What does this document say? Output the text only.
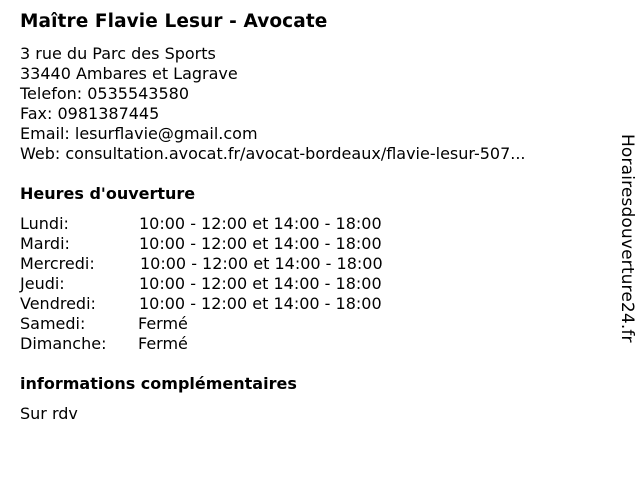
Maître Flavie Lesur - Avocate
3 rue du Parc des Sports
33440 Ambares et Lagrave
Telefon: 0535543580
Fax: 0981387445
Email: lesurflavie@gmail.com
Web: consultation.avocat.fr/avocat-bordeaux/flavie-lesur-507...
Heures d'ouverture
Lundi:	10:00 - 12:00 et 14:00 - 18:00
Mardi:	10:00 - 12:00 et 14:00 - 18:00
Mercredi:	10:00 - 12:00 et 14:00 - 18:00
Jeudi:	10:00 - 12:00 et 14:00 - 18:00
Vendredi:	10:00 - 12:00 et 14:00 - 18:00
Samedi:	Fermé
Dimanche: Fermé
informations complémentaires
Sur rdv
Horairesdouverture24.fr
